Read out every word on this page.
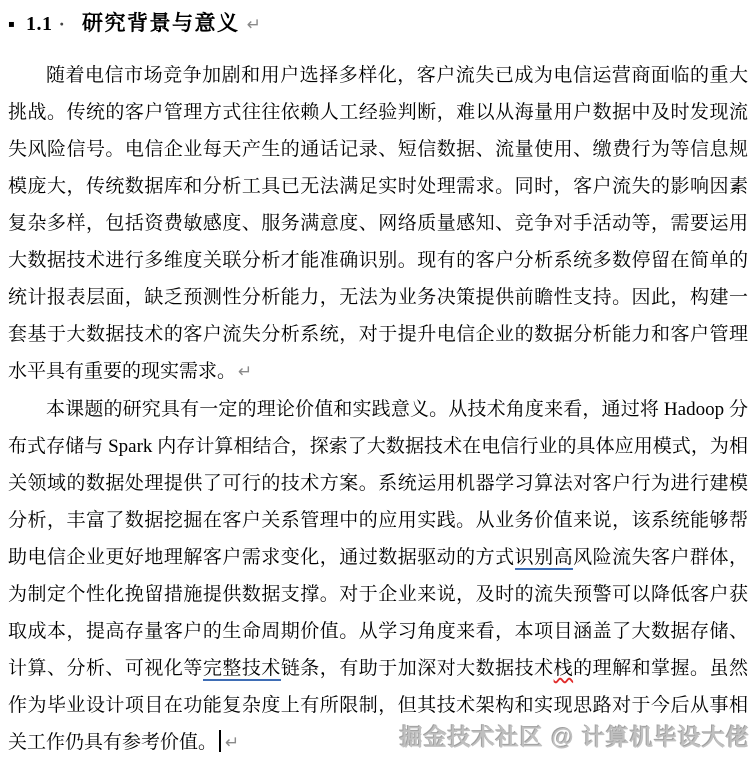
▪ 1.1 · 研究背景与意义 ↵

随着电信市场竞争加剧和用户选择多样化，客户流失已成为电信运营商面临的重大挑战。传统的客户管理方式往往依赖人工经验判断，难以从海量用户数据中及时发现流失风险信号。电信企业每天产生的通话记录、短信数据、流量使用、缴费行为等信息规模庞大，传统数据库和分析工具已无法满足实时处理需求。同时，客户流失的影响因素复杂多样，包括资费敏感度、服务满意度、网络质量感知、竞争对手活动等，需要运用大数据技术进行多维度关联分析才能准确识别。现有的客户分析系统多数停留在简单的统计报表层面，缺乏预测性分析能力，无法为业务决策提供前瞻性支持。因此，构建一套基于大数据技术的客户流失分析系统，对于提升电信企业的数据分析能力和客户管理水平具有重要的现实需求。 ↵

本课题的研究具有一定的理论价值和实践意义。从技术角度来看，通过将 Hadoop 分布式存储与 Spark 内存计算相结合，探索了大数据技术在电信行业的具体应用模式，为相关领域的数据处理提供了可行的技术方案。系统运用机器学习算法对客户行为进行建模分析，丰富了数据挖掘在客户关系管理中的应用实践。从业务价值来说，该系统能够帮助电信企业更好地理解客户需求变化，通过数据驱动的方式识别高风险流失客户群体，为制定个性化挽留措施提供数据支撑。对于企业来说，及时的流失预警可以降低客户获取成本，提高存量客户的生命周期价值。从学习角度来看，本项目涵盖了大数据存储、计算、分析、可视化等完整技术链条，有助于加深对大数据技术栈的理解和掌握。虽然作为毕业设计项目在功能复杂度上有所限制，但其技术架构和实现思路对于今后从事相关工作仍具有参考价值。 ↵	掘金技术社区 @ 计算机毕设大佬
